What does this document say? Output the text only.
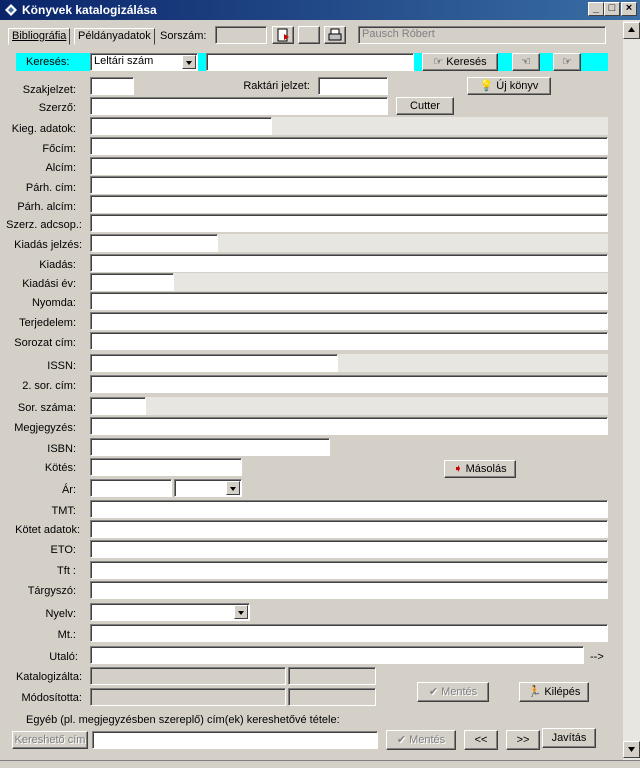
Könyvek katalogizálása	_ □ ×
Bibliográfia	Példányadatok Sorszám:	Pausch Róbert
Keresés:	Leltári szám	☞ Keresés	☜	☞
Szakjelzet:	Raktári jelzet:	💡 Új könyv
Szerző:	Cutter
Kieg. adatok:
Főcím:
Alcím:
Párh. cím:
Párh. alcím:
Szerz. adcsop.:
Kiadás jelzés:
Kiadás:
Kiadási év:
Nyomda:
Terjedelem:
Sorozat cím:
ISSN:
2. sor. cím:
Sor. száma:
Megjegyzés:
ISBN:
Kötés:	➧ Másolás
Ár:
TMT:
Kötet adatok:
ETO:
Tft :
Tárgyszó:
Nyelv:
Mt.:
Utaló:	-->
Katalogizálta:
Módosította:	✔ Mentés	🏃 Kilépés
Egyéb (pl. megjegyzésben szereplő) cím(ek) kereshetővé tétele:
Kereshető cím	✔ Mentés	<<	>>	Javítás
